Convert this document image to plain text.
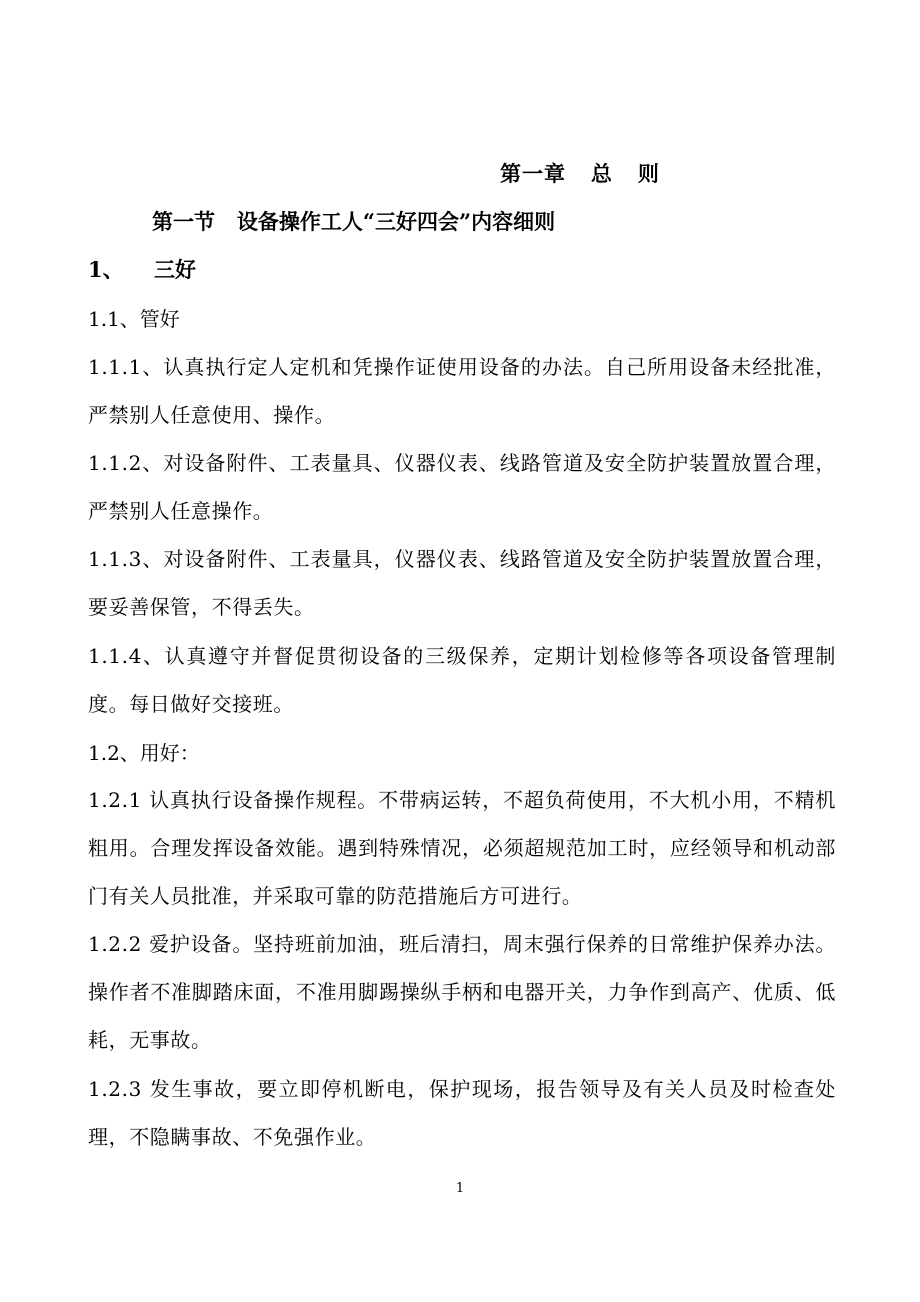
第一章   总   则
第一节   设备操作工人“三好四会”内容细则
1、 三好
1.1、管好
1.1.1、认真执行定人定机和凭操作证使用设备的办法。自己所用设备未经批准，严禁别人任意使用、操作。
1.1.2、对设备附件、工表量具、仪器仪表、线路管道及安全防护装置放置合理，严禁别人任意操作。
1.1.3、对设备附件、工表量具，仪器仪表、线路管道及安全防护装置放置合理，要妥善保管，不得丢失。
1.1.4、认真遵守并督促贯彻设备的三级保养，定期计划检修等各项设备管理制度。每日做好交接班。
1.2、用好：
1.2.1 认真执行设备操作规程。不带病运转，不超负荷使用，不大机小用，不精机粗用。合理发挥设备效能。遇到特殊情况，必须超规范加工时，应经领导和机动部门有关人员批准，并采取可靠的防范措施后方可进行。
1.2.2 爱护设备。坚持班前加油，班后清扫，周末强行保养的日常维护保养办法。操作者不准脚踏床面，不准用脚踢操纵手柄和电器开关，力争作到高产、优质、低耗，无事故。
1.2.3 发生事故，要立即停机断电，保护现场，报告领导及有关人员及时检查处理，不隐瞒事故、不免强作业。
1
